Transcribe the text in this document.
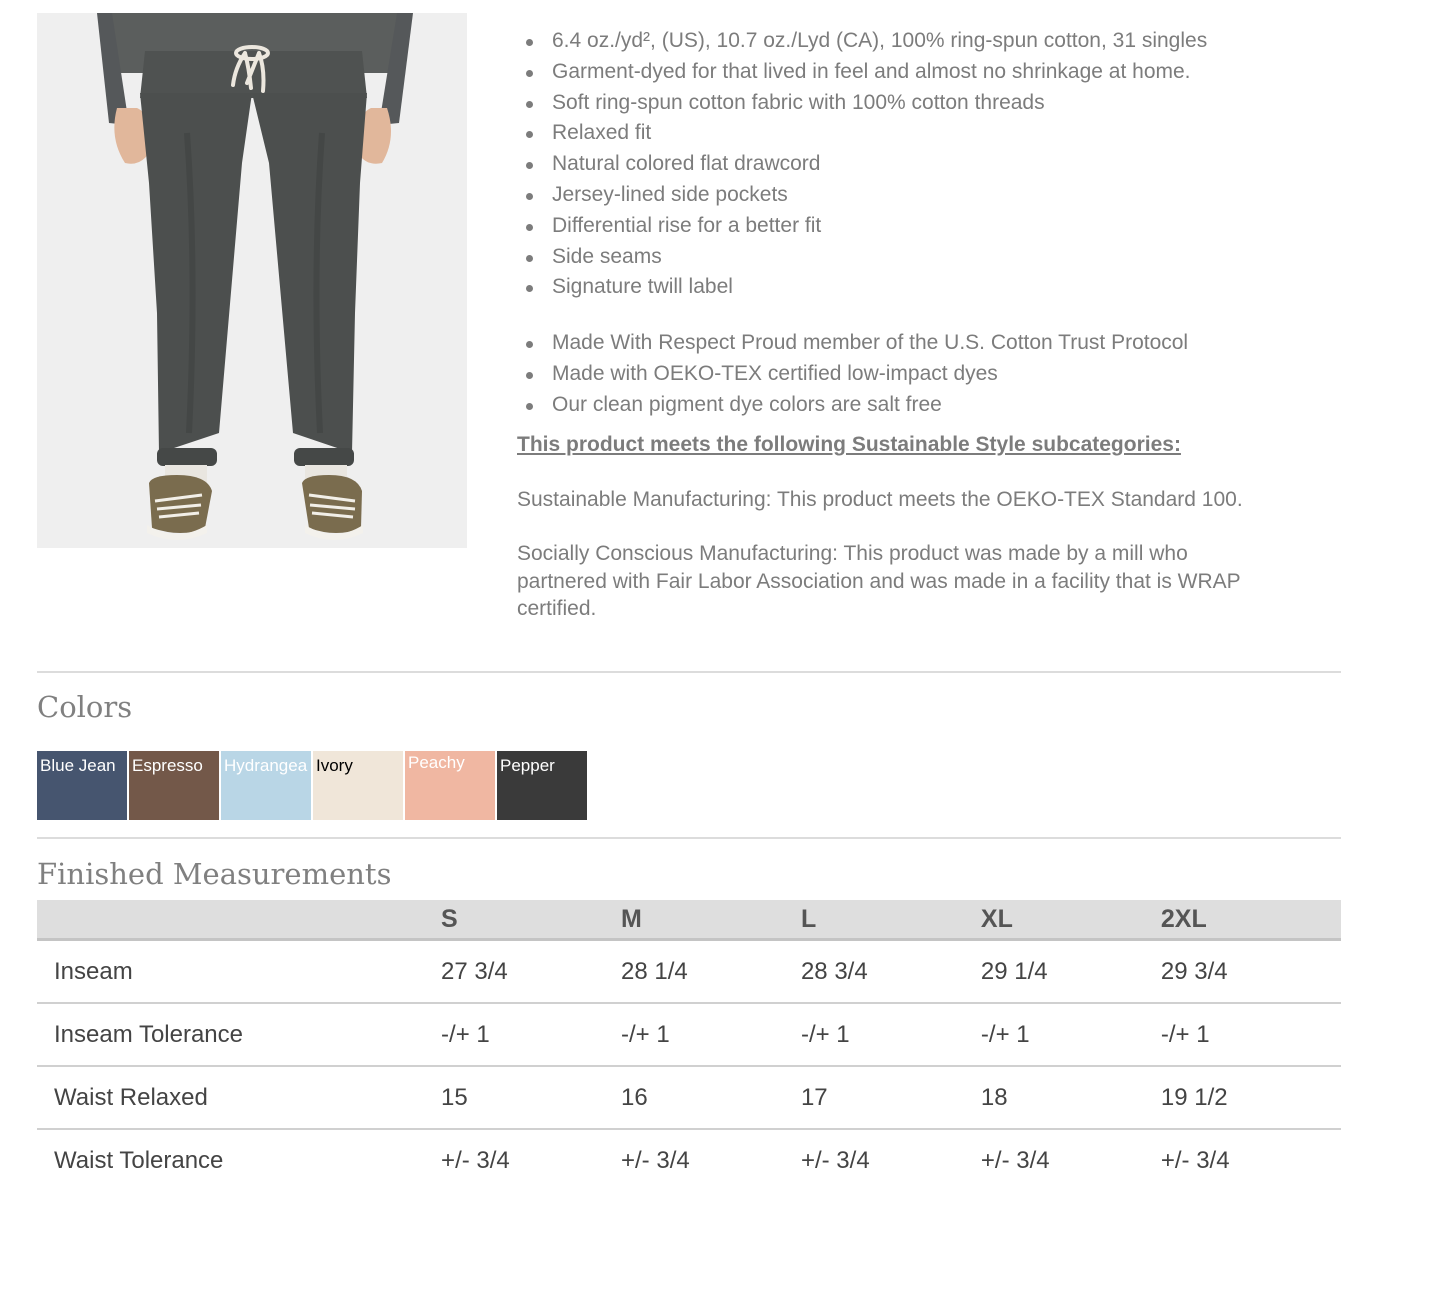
6.4 oz./yd², (US), 10.7 oz./Lyd (CA), 100% ring-spun cotton, 31 singles
Garment-dyed for that lived in feel and almost no shrinkage at home.
Soft ring-spun cotton fabric with 100% cotton threads
Relaxed fit
Natural colored flat drawcord
Jersey-lined side pockets
Differential rise for a better fit
Side seams
Signature twill label
Made With Respect Proud member of the U.S. Cotton Trust Protocol
Made with OEKO-TEX certified low-impact dyes
Our clean pigment dye colors are salt free
This product meets the following Sustainable Style subcategories:
Sustainable Manufacturing: This product meets the OEKO-TEX Standard 100.
Socially Conscious Manufacturing: This product was made by a mill who partnered with Fair Labor Association and was made in a facility that is WRAP certified.
Colors
Blue Jean Espresso Hydrangea Ivory	Peachy Pepper
Finished Measurements
	S	M	L	XL	2XL
Inseam	27 3/4	28 1/4	28 3/4	29 1/4	29 3/4
Inseam Tolerance	-/+ 1	-/+ 1	-/+ 1	-/+ 1	-/+ 1
Waist Relaxed	15	16	17	18	19 1/2
Waist Tolerance	+/- 3/4	+/- 3/4	+/- 3/4	+/- 3/4	+/- 3/4
